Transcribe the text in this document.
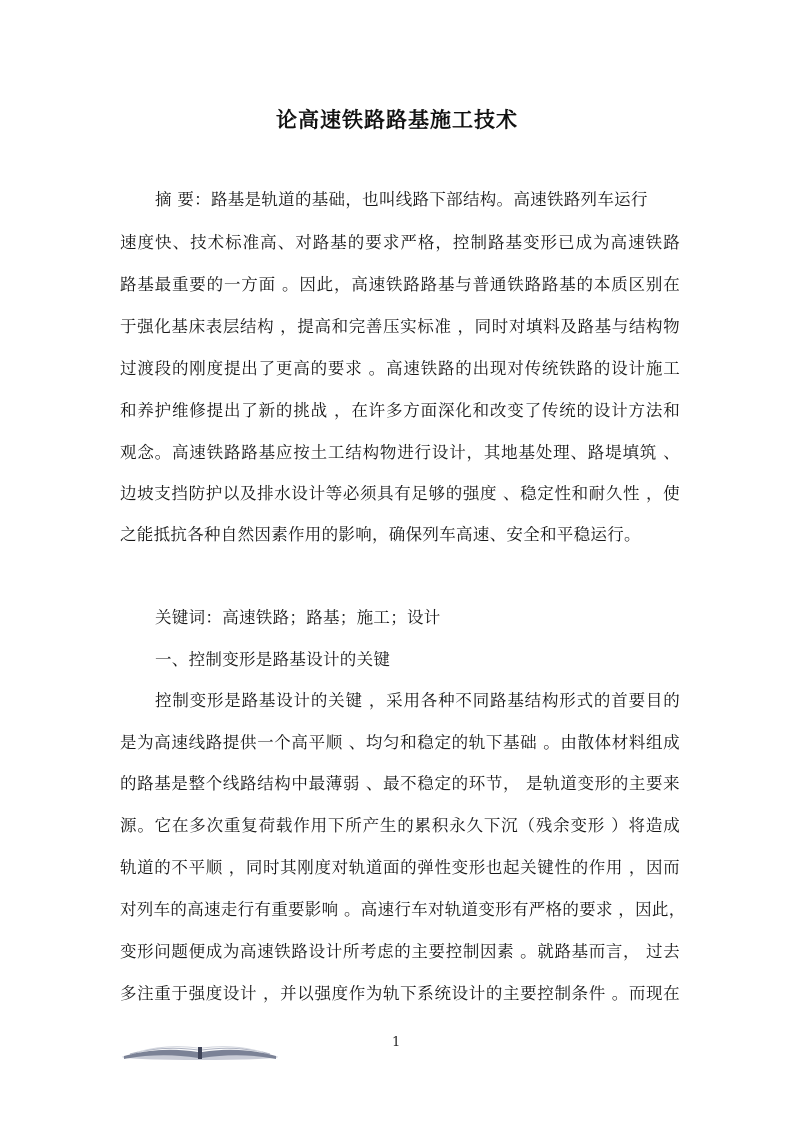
论高速铁路路基施工技术
摘 要：路基是轨道的基础，也叫线路下部结构。高速铁路列车运行
速度快、技术标准高、对路基的要求严格，控制路基变形已成为高速铁路
路基最重要的一方面 。因此，高速铁路路基与普通铁路路基的本质区别在
于强化基床表层结构 ，提高和完善压实标准 ，同时对填料及路基与结构物
过渡段的刚度提出了更高的要求 。高速铁路的出现对传统铁路的设计施工
和养护维修提出了新的挑战 ，在许多方面深化和改变了传统的设计方法和
观念。高速铁路路基应按土工结构物进行设计，其地基处理、路堤填筑 、
边坡支挡防护以及排水设计等必须具有足够的强度 、稳定性和耐久性 ，使
之能抵抗各种自然因素作用的影响，确保列车高速、安全和平稳运行。
关键词：高速铁路；路基；施工；设计
一、控制变形是路基设计的关键
控制变形是路基设计的关键 ，采用各种不同路基结构形式的首要目的
是为高速线路提供一个高平顺 、均匀和稳定的轨下基础 。由散体材料组成
的路基是整个线路结构中最薄弱 、最不稳定的环节， 是轨道变形的主要来
源。它在多次重复荷载作用下所产生的累积永久下沉（残余变形 ）将造成
轨道的不平顺 ，同时其刚度对轨道面的弹性变形也起关键性的作用 ，因而
对列车的高速走行有重要影响 。高速行车对轨道变形有严格的要求 ，因此，
变形问题便成为高速铁路设计所考虑的主要控制因素 。就路基而言， 过去
多注重于强度设计 ，并以强度作为轨下系统设计的主要控制条件 。而现在
1
